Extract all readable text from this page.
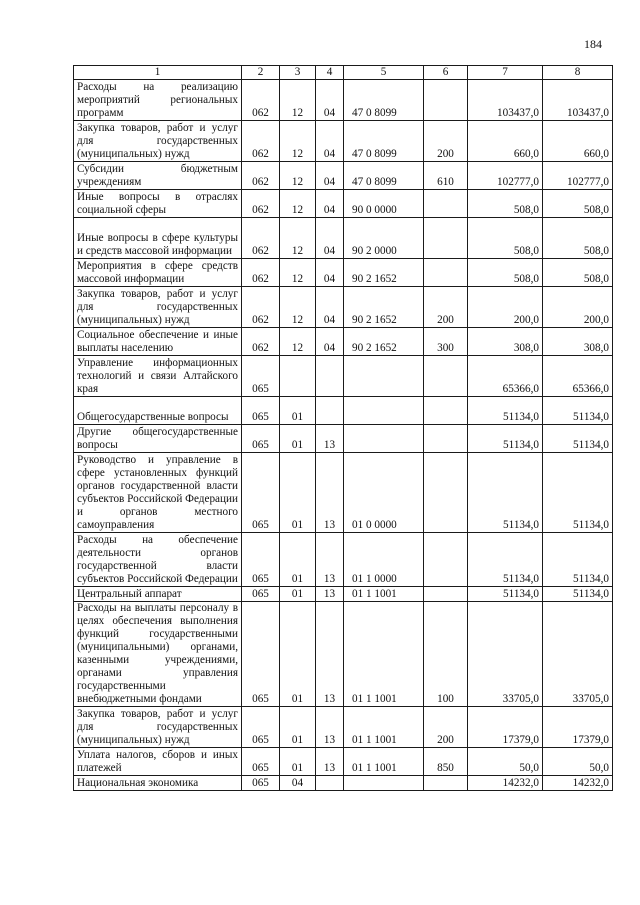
184
1	2	3	4	5	6	7	8
Расходы на реализацию мероприятий региональных программ	062	12	04	47 0 8099		103437,0	103437,0
Закупка товаров, работ и услуг для государственных (муниципальных) нужд	062	12	04	47 0 8099	200	660,0	660,0
Субсидии бюджетным учреждениям	062	12	04	47 0 8099	610	102777,0	102777,0
Иные вопросы в отраслях социальной сферы	062	12	04	90 0 0000		508,0	508,0
Иные вопросы в сфере культуры и средств массовой информации	062	12	04	90 2 0000		508,0	508,0
Мероприятия в сфере средств массовой информации	062	12	04	90 2 1652		508,0	508,0
Закупка товаров, работ и услуг для государственных (муниципальных) нужд	062	12	04	90 2 1652	200	200,0	200,0
Социальное обеспечение и иные выплаты населению	062	12	04	90 2 1652	300	308,0	308,0
Управление информационных технологий и связи Алтайского края	065					65366,0	65366,0
Общегосударственные вопросы	065	01				51134,0	51134,0
Другие общегосударственные вопросы	065	01	13			51134,0	51134,0
Руководство и управление в сфере установленных функций органов государственной власти субъектов Российской Федерации и органов местного самоуправления	065	01	13	01 0 0000		51134,0	51134,0
Расходы на обеспечение деятельности органов государственной власти субъектов Российской Федерации	065	01	13	01 1 0000		51134,0	51134,0
Центральный аппарат	065	01	13	01 1 1001		51134,0	51134,0
Расходы на выплаты персоналу в целях обеспечения выполнения функций государственными (муниципальными) органами, казенными учреждениями, органами управления государственными внебюджетными фондами	065	01	13	01 1 1001	100	33705,0	33705,0
Закупка товаров, работ и услуг для государственных (муниципальных) нужд	065	01	13	01 1 1001	200	17379,0	17379,0
Уплата налогов, сборов и иных платежей	065	01	13	01 1 1001	850	50,0	50,0
Национальная экономика	065	04				14232,0	14232,0
